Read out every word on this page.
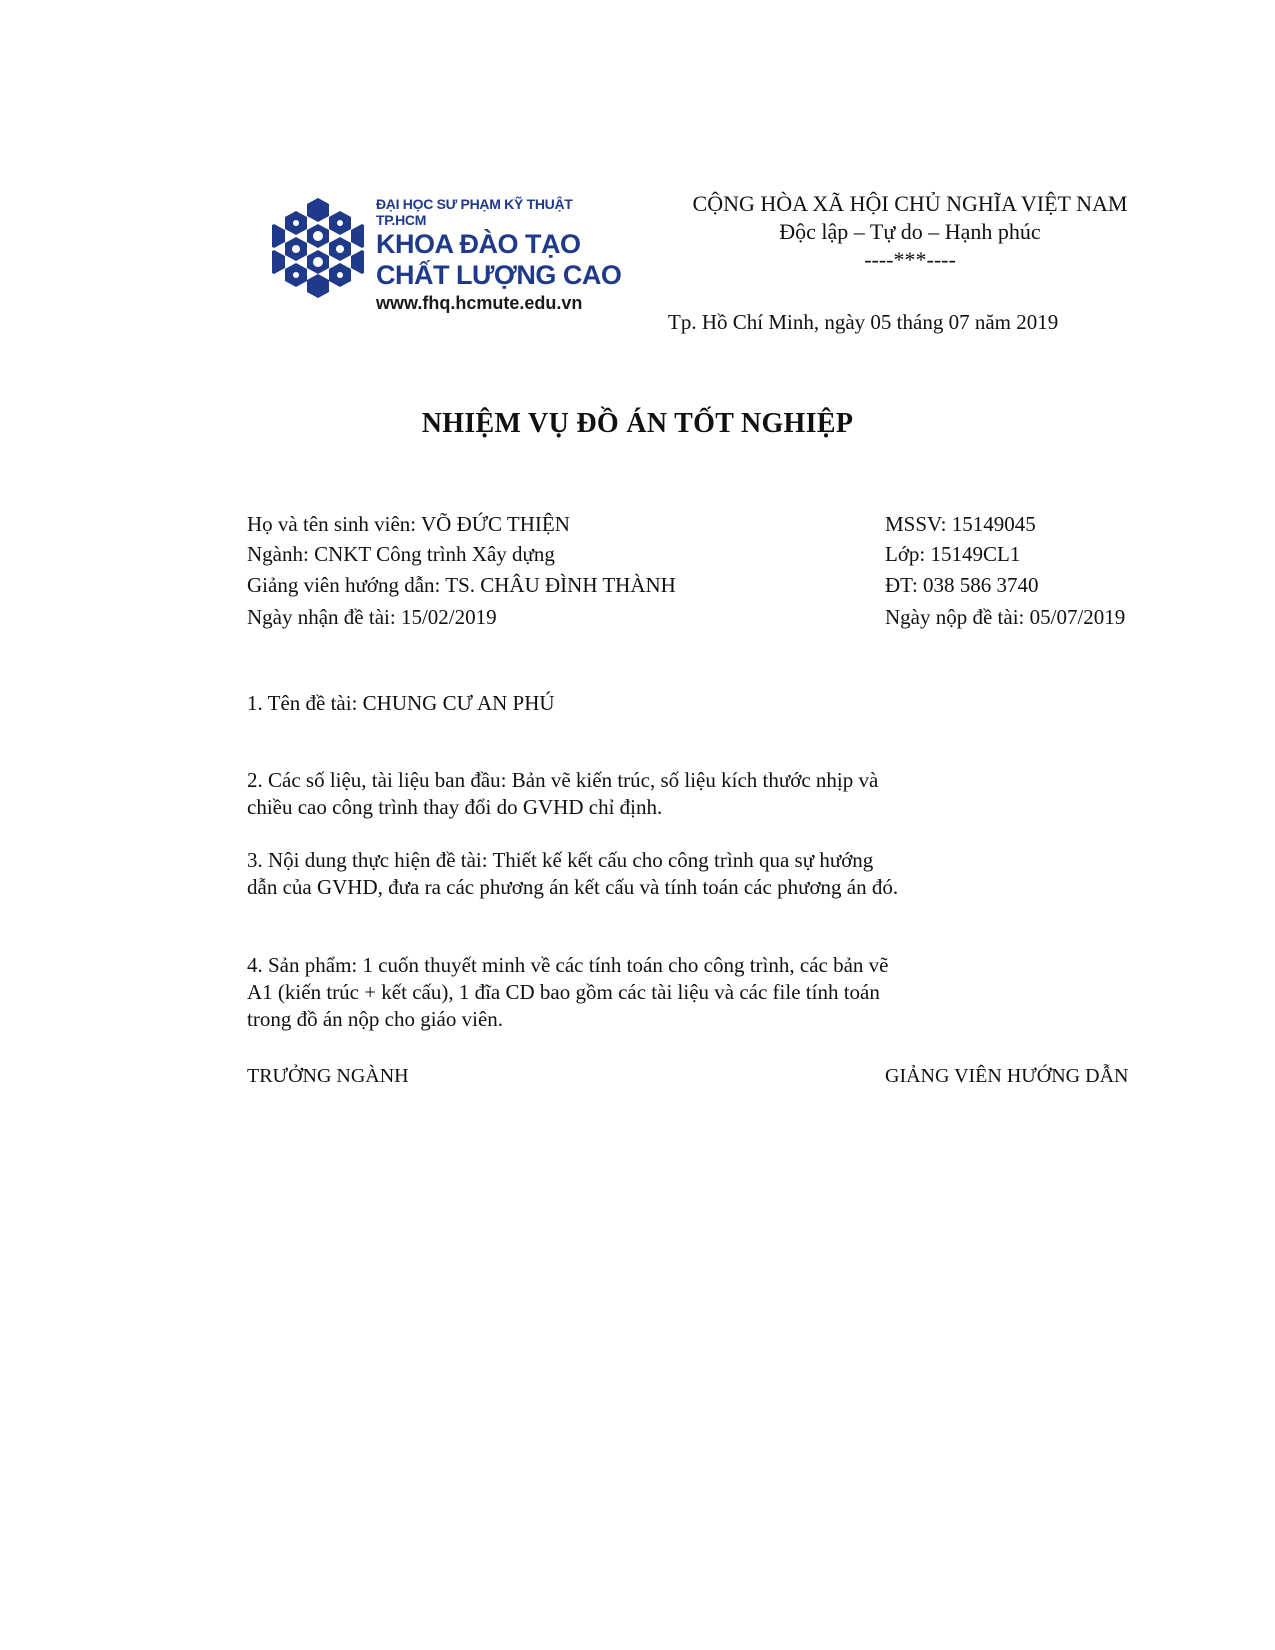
ĐẠI HỌC SƯ PHẠM KỸ THUẬT TP.HCM
KHOA ĐÀO TẠO
CHẤT LƯỢNG CAO
www.fhq.hcmute.edu.vn
CỘNG HÒA XÃ HỘI CHỦ NGHĨA VIỆT NAM
Độc lập – Tự do – Hạnh phúc
----***----
Tp. Hồ Chí Minh, ngày 05 tháng 07 năm 2019
NHIỆM VỤ ĐỒ ÁN TỐT NGHIỆP
Họ và tên sinh viên: VÕ ĐỨC THIỆN	MSSV: 15149045
Ngành: CNKT Công trình Xây dựng	Lớp: 15149CL1
Giảng viên hướng dẫn: TS. CHÂU ĐÌNH THÀNH	ĐT: 038 586 3740
Ngày nhận đề tài: 15/02/2019	Ngày nộp đề tài: 05/07/2019
1. Tên đề tài: CHUNG CƯ AN PHÚ
2. Các số liệu, tài liệu ban đầu: Bản vẽ kiến trúc, số liệu kích thước nhịp và chiều cao công trình thay đổi do GVHD chỉ định.
3. Nội dung thực hiện đề tài: Thiết kế kết cấu cho công trình qua sự hướng dẫn của GVHD, đưa ra các phương án kết cấu và tính toán các phương án đó.
4. Sản phẩm: 1 cuốn thuyết minh về các tính toán cho công trình, các bản vẽ A1 (kiến trúc + kết cấu), 1 đĩa CD bao gồm các tài liệu và các file tính toán trong đồ án nộp cho giáo viên.
TRƯỞNG NGÀNH	GIẢNG VIÊN HƯỚNG DẪN
